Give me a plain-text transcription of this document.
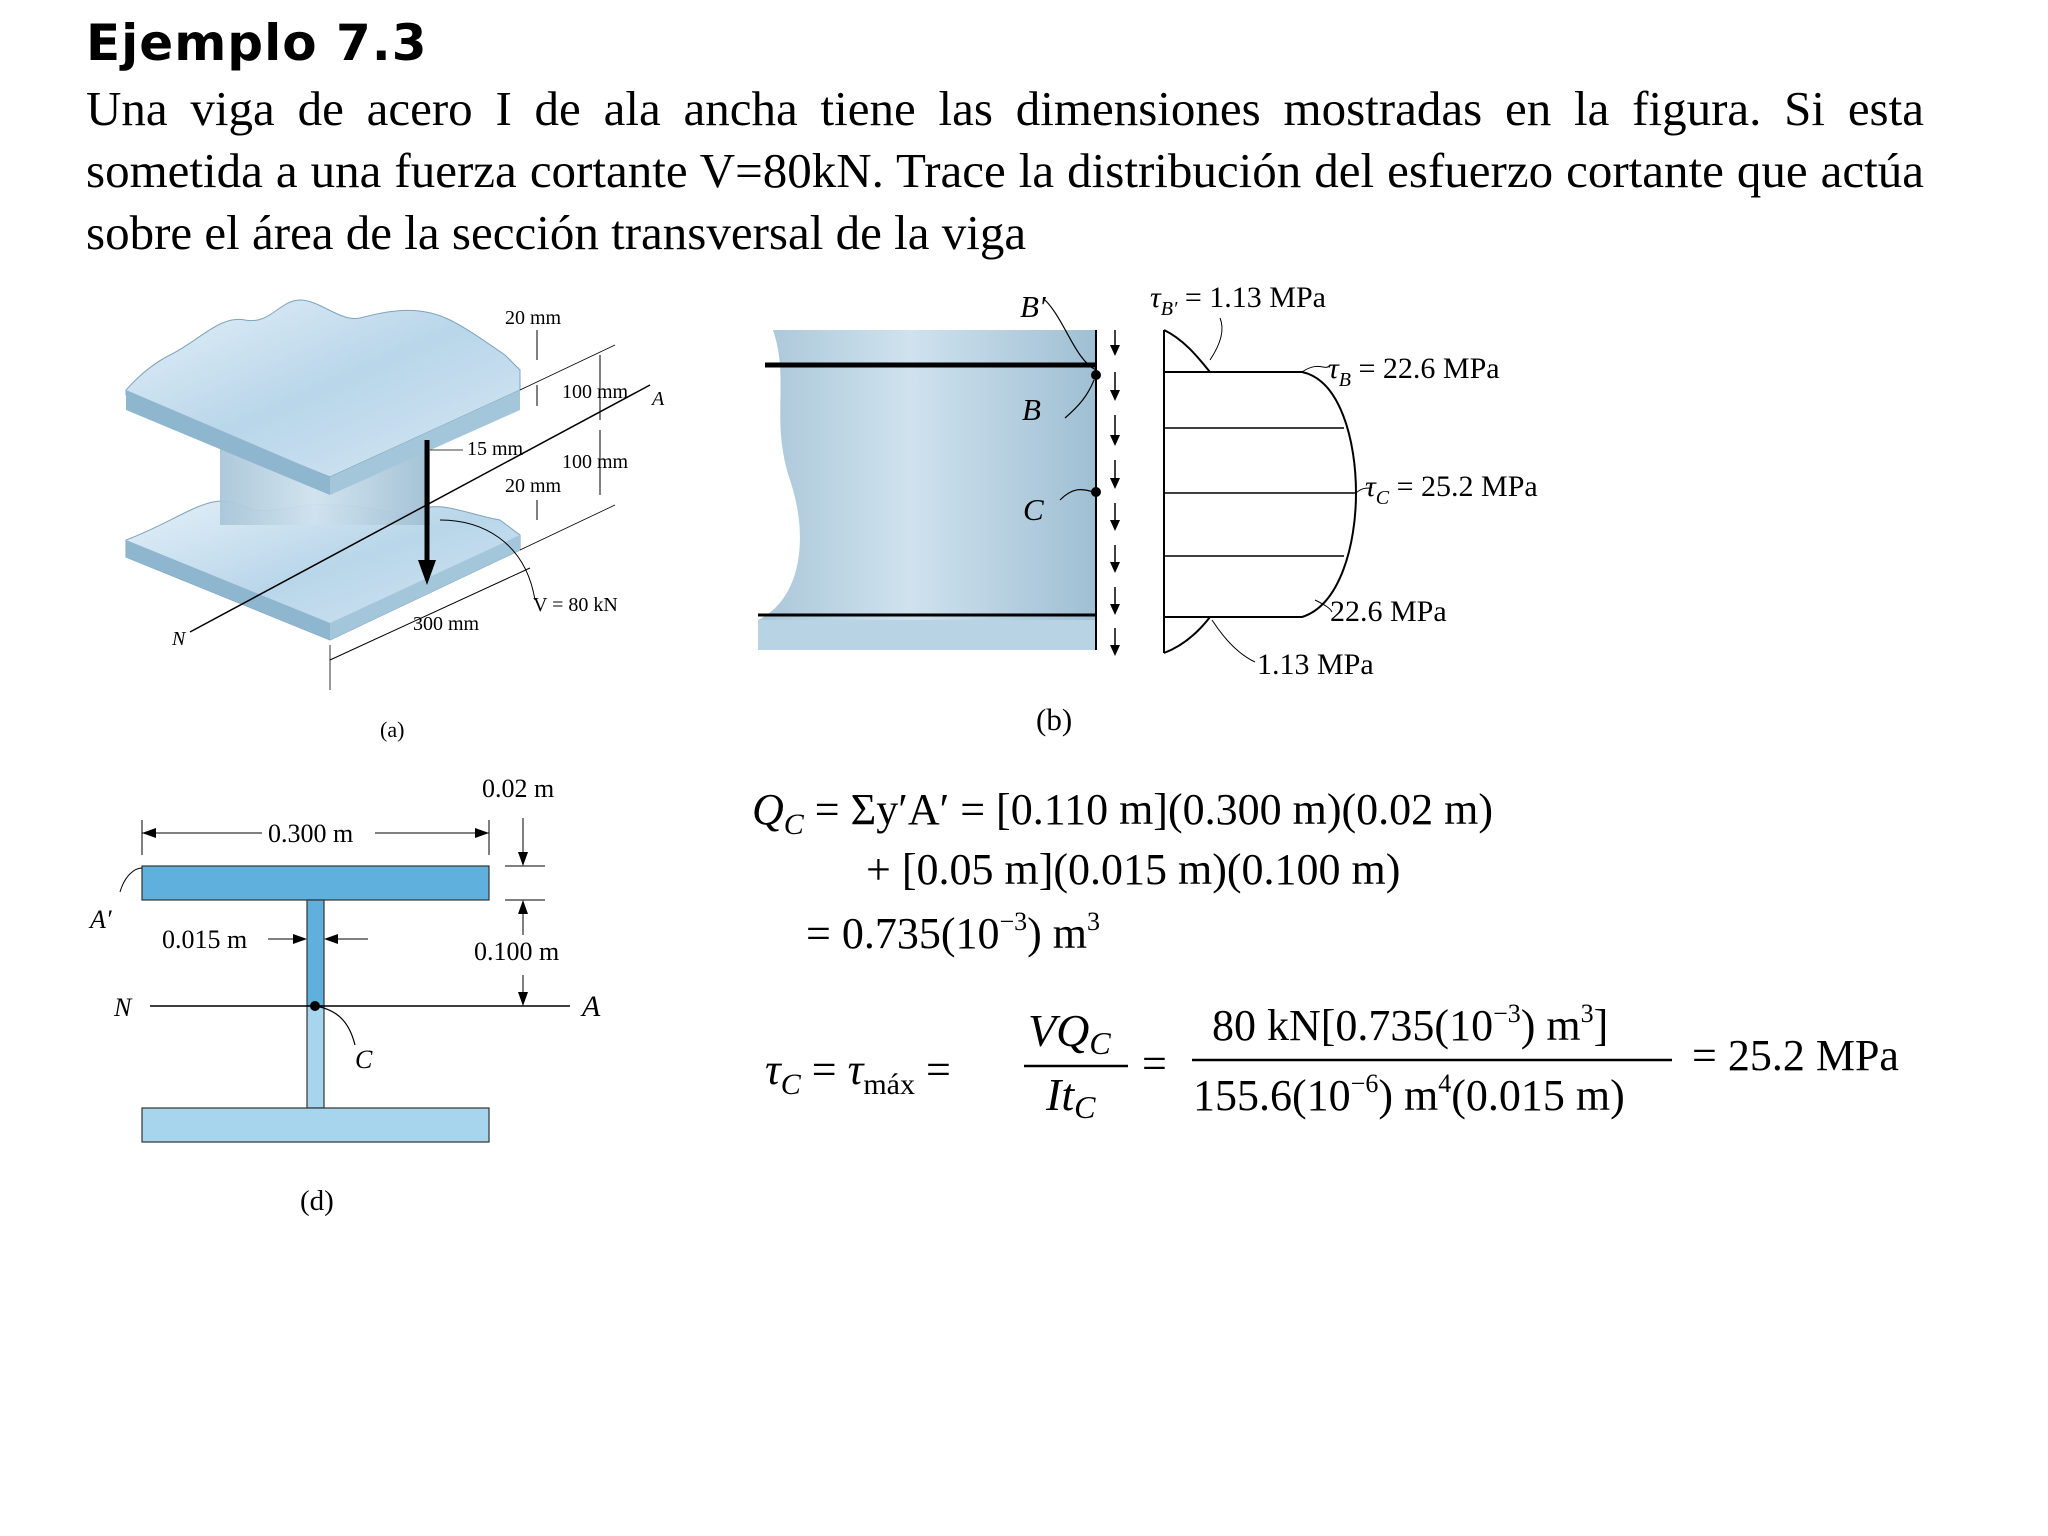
Ejemplo 7.3
Una viga de acero I de ala ancha tiene las dimensiones mostradas en la figura. Si esta sometida a una fuerza cortante V=80kN. Trace la distribución del esfuerzo cortante que actúa sobre el área de la sección transversal de la viga
20 mm
100 mm
100 mm
15 mm
20 mm
300 mm
V = 80 kN
N
A
(a)
B′
B
C
$\tau_{B'} = 1.13$ MPa
$\tau_B = 22.6$ MPa
$\tau_C = 25.2$ MPa
22.6 MPa
1.13 MPa
(b)
0.02 m
0.300 m
0.015 m	0.100 m
A′
N	A
C
(d)
$Q_C = \Sigma y'A' = [0.110$ m](0.300 m)(0.02 m)
+ [0.05 m](0.015 m)(0.100 m)
= $0.735(10^{-3})$ $m^3$
$\tau_C = \tau_{máx}$ =
VQC
ItC
=
80 $kN[0.735(10^{-3})$ $m^3$]
$155.6(10^{-6})$ $m^4(0.015$ m)
= 25.2 MPa
